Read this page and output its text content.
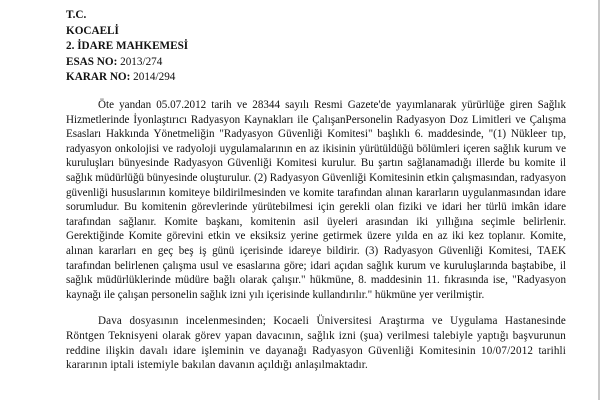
T.C.
KOCAELİ
2. İDARE MAHKEMESİ
ESAS NO: 2013/274
KARAR NO: 2014/294

Öte yandan 05.07.2012 tarih ve 28344 sayılı Resmi Gazete'de yayımlanarak yürürlüğe giren Sağlık Hizmetlerinde İyonlaştırıcı Radyasyon Kaynakları ile ÇalışanPersonelin Radyasyon Doz Limitleri ve Çalışma Esasları Hakkında Yönetmeliğin "Radyasyon Güvenliği Komitesi" başlıklı 6. maddesinde, "(1) Nükleer tıp, radyasyon onkolojisi ve radyoloji uygulamalarının en az ikisinin yürütüldüğü bölümleri içeren sağlık kurum ve kuruluşları bünyesinde Radyasyon Güvenliği Komitesi kurulur. Bu şartın sağlanamadığı illerde bu komite il sağlık müdürlüğü bünyesinde oluşturulur. (2) Radyasyon Güvenliği Komitesinin etkin çalışmasından, radyasyon güvenliği hususlarının komiteye bildirilmesinden ve komite tarafından alınan kararların uygulanmasından idare sorumludur. Bu komitenin görevlerinde yürütebilmesi için gerekli olan fiziki ve idari her türlü imkân idare tarafından sağlanır. Komite başkanı, komitenin asil üyeleri arasından iki yıllığına seçimle belirlenir. Gerektiğinde Komite görevini etkin ve eksiksiz yerine getirmek üzere yılda en az iki kez toplanır. Komite, alınan kararları en geç beş iş günü içerisinde idareye bildirir. (3) Radyasyon Güvenliği Komitesi, TAEK tarafından belirlenen çalışma usul ve esaslarına göre; idari açıdan sağlık kurum ve kuruluşlarında baştabibe, il sağlık müdürlüklerinde müdüre bağlı olarak çalışır." hükmüne, 8. maddesinin 11. fıkrasında ise, "Radyasyon kaynağı ile çalışan personelin sağlık izni yılı içerisinde kullandırılır." hükmüne yer verilmiştir.

Dava dosyasının incelenmesinden; Kocaeli Üniversitesi Araştırma ve Uygulama Hastanesinde Röntgen Teknisyeni olarak görev yapan davacının, sağlık izni (şua) verilmesi talebiyle yaptığı başvurunun reddine ilişkin davalı idare işleminin ve dayanağı Radyasyon Güvenliği Komitesinin 10/07/2012 tarihli kararının iptali istemiyle bakılan davanın açıldığı anlaşılmaktadır.
